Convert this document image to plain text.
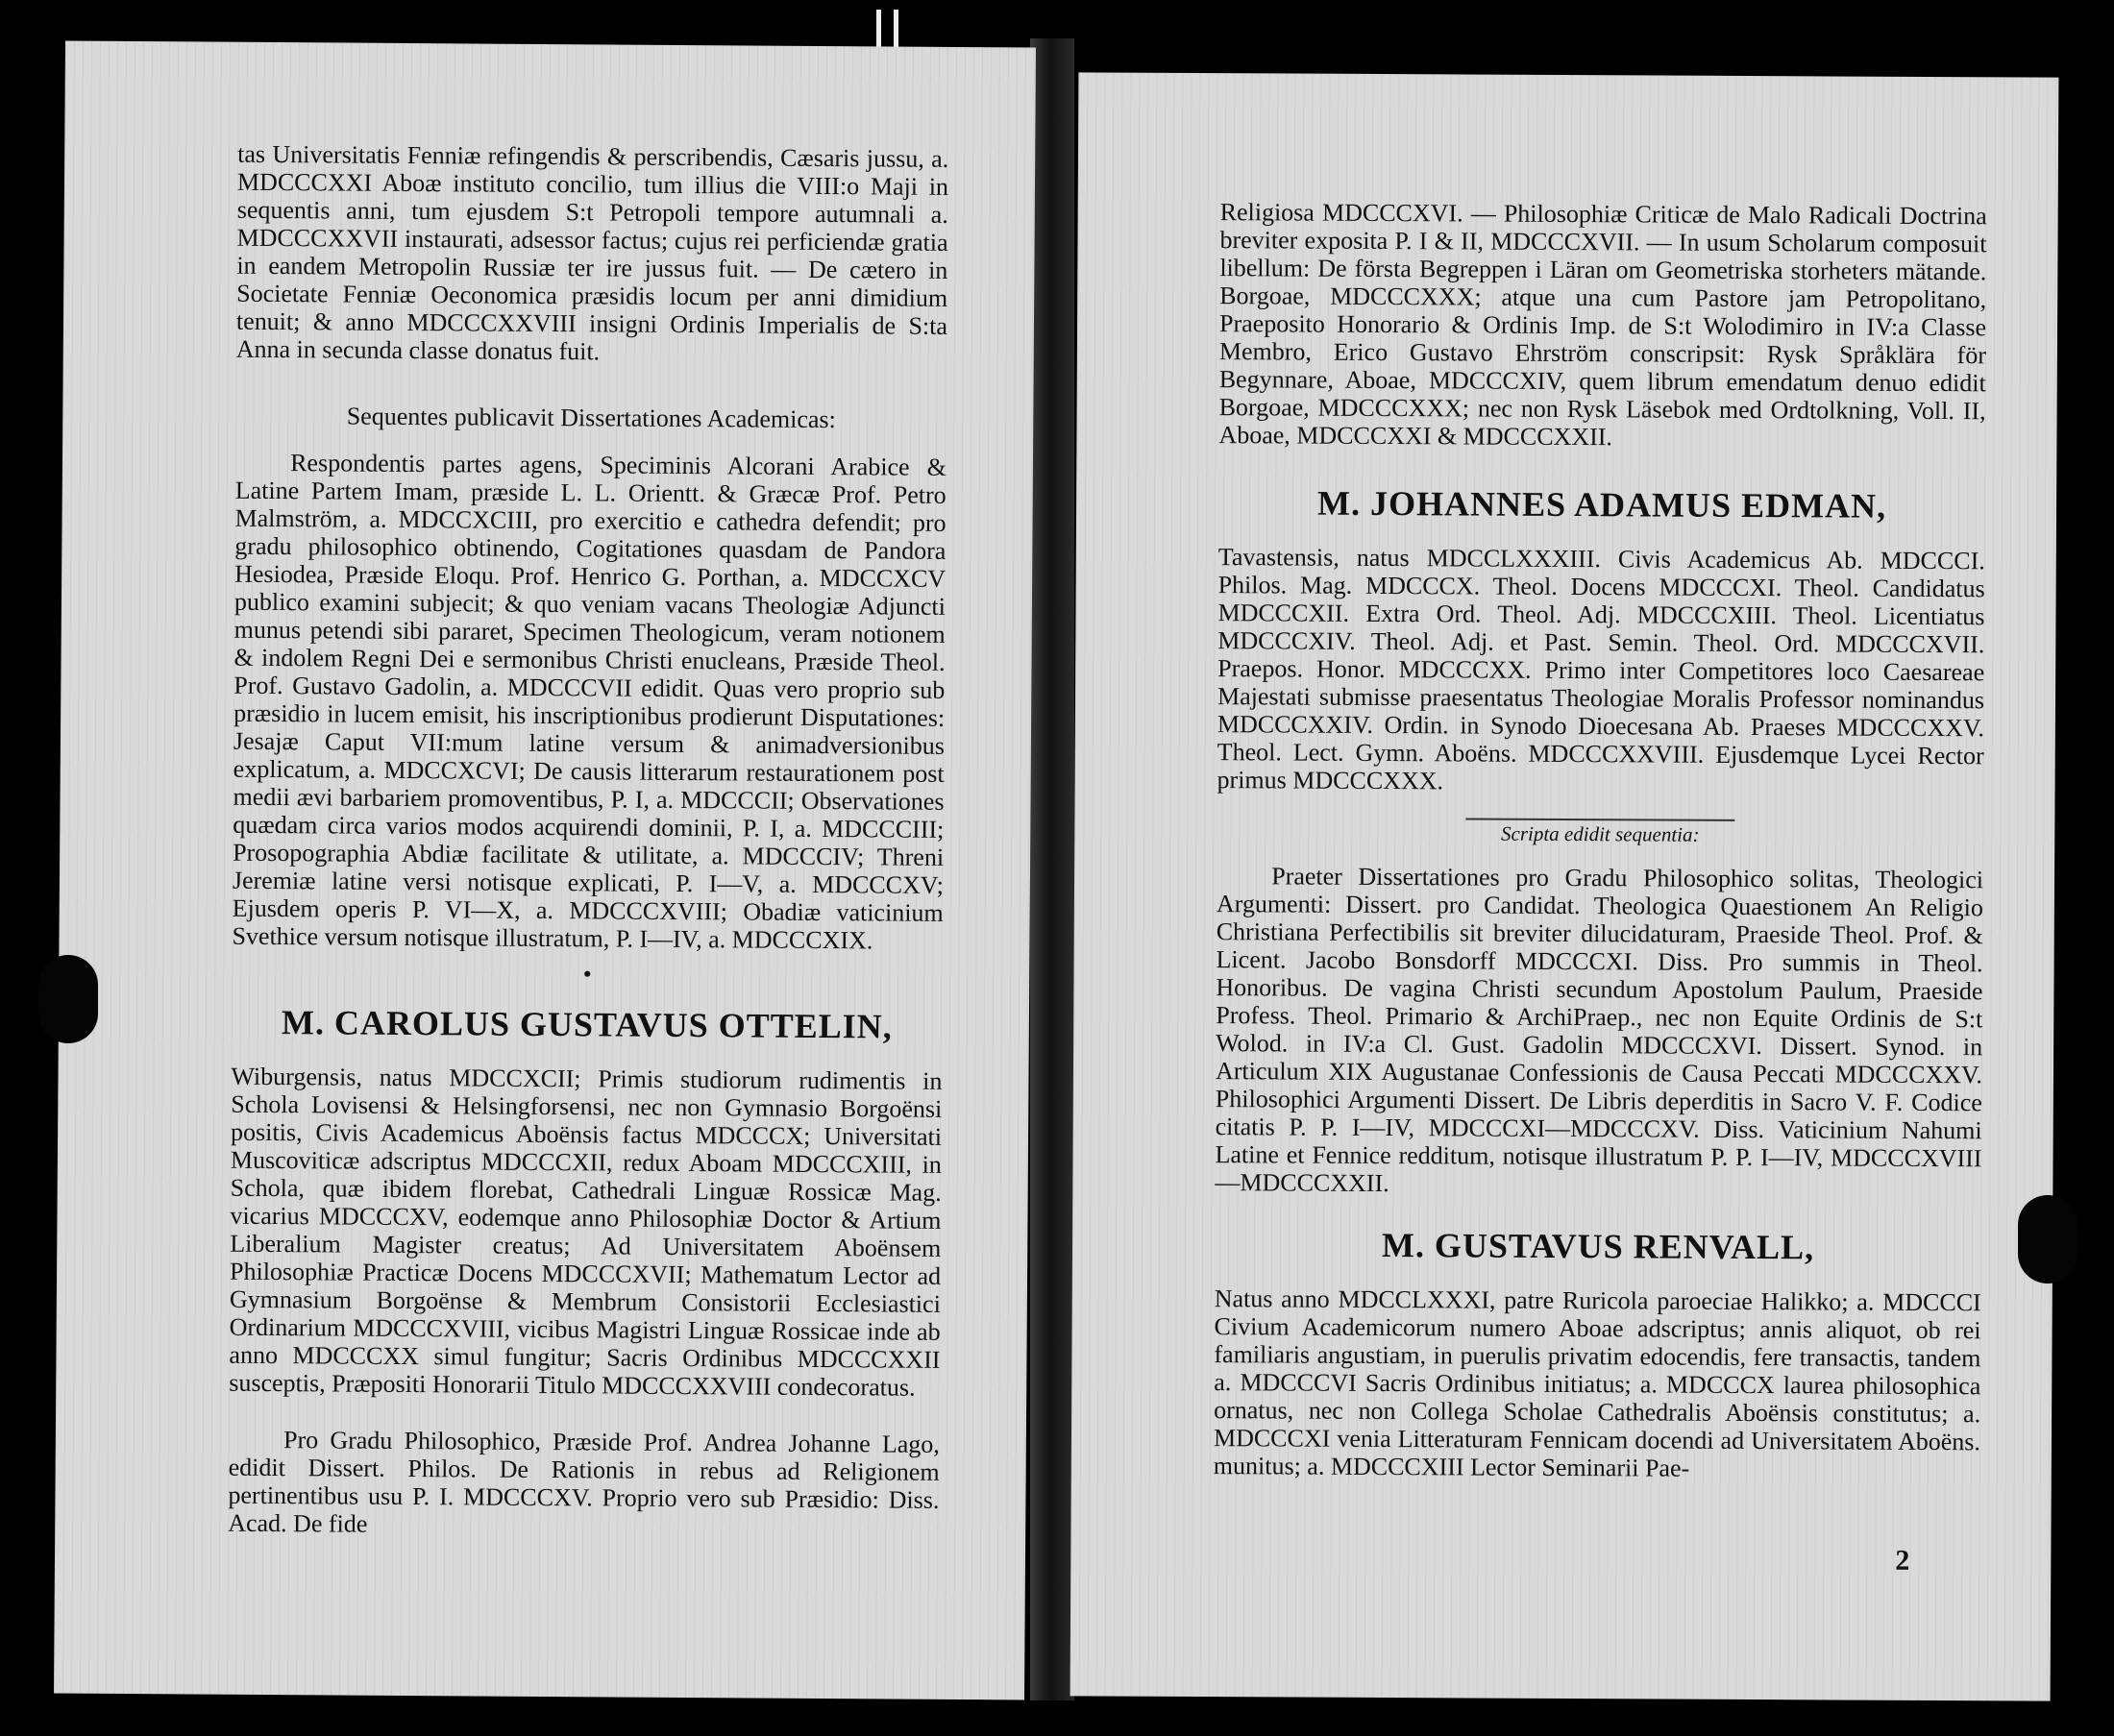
tas Universitatis Fenniæ refingendis & perscribendis, Cæsaris jussu, a. MDCCCXXI Aboæ instituto concilio, tum illius die VIII:o Maji in sequentis anni, tum ejusdem S:t Petropoli tempore autumnali a. MDCCCXXVII instaurati, adsessor factus; cujus rei perficiendæ gratia in eandem Metropolin Russiæ ter ire jussus fuit. — De cætero in Societate Fenniæ Oeconomica præsidis locum per anni dimidium tenuit; & anno MDCCCXXVIII insigni Ordinis Imperialis de S:ta Anna in secunda classe donatus fuit.

Sequentes publicavit Dissertationes Academicas:

Respondentis partes agens, Speciminis Alcorani Arabice & Latine Partem Imam, præside L. L. Orientt. & Græcæ Prof. Petro Malmström, a. MDCCXCIII, pro exercitio e cathedra defendit; pro gradu philosophico obtinendo, Cogitationes quasdam de Pandora Hesiodea, Præside Eloqu. Prof. Henrico G. Porthan, a. MDCCXCV publico examini subjecit; & quo veniam vacans Theologiæ Adjuncti munus petendi sibi pararet, Specimen Theologicum, veram notionem & indolem Regni Dei e sermonibus Christi enucleans, Præside Theol. Prof. Gustavo Gadolin, a. MDCCCVII edidit. Quas vero proprio sub præsidio in lucem emisit, his inscriptionibus prodierunt Disputationes: Jesajæ Caput VII:mum latine versum & animadversionibus explicatum, a. MDCCXCVI; De causis litterarum restaurationem post medii ævi barbariem promoventibus, P. I, a. MDCCCII; Observationes quædam circa varios modos acquirendi dominii, P. I, a. MDCCCIII; Prosopographia Abdiæ facilitate & utilitate, a. MDCCCIV; Threni Jeremiæ latine versi notisque explicati, P. I—V, a. MDCCCXV; Ejusdem operis P. VI—X, a. MDCCCXVIII; Obadiæ vaticinium Svethice versum notisque illustratum, P. I—IV, a. MDCCCXIX.

•

M. CAROLUS GUSTAVUS OTTELIN,

Wiburgensis, natus MDCCXCII; Primis studiorum rudimentis in Schola Lovisensi & Helsingforsensi, nec non Gymnasio Borgoënsi positis, Civis Academicus Aboënsis factus MDCCCX; Universitati Muscoviticæ adscriptus MDCCCXII, redux Aboam MDCCCXIII, in Schola, quæ ibidem florebat, Cathedrali Linguæ Rossicæ Mag. vicarius MDCCCXV, eodemque anno Philosophiæ Doctor & Artium Liberalium Magister creatus; Ad Universitatem Aboënsem Philosophiæ Practicæ Docens MDCCCXVII; Mathematum Lector ad Gymnasium Borgoënse & Membrum Consistorii Ecclesiastici Ordinarium MDCCCXVIII, vicibus Magistri Linguæ Rossicae inde ab anno MDCCCXX simul fungitur; Sacris Ordinibus MDCCCXXII susceptis, Præpositi Honorarii Titulo MDCCCXXVIII condecoratus.

Pro Gradu Philosophico, Præside Prof. Andrea Johanne Lago, edidit Dissert. Philos. De Rationis in rebus ad Religionem pertinentibus usu P. I. MDCCCXV. Proprio vero sub Præsidio: Diss. Acad. De fide

Religiosa MDCCCXVI. — Philosophiæ Criticæ de Malo Radicali Doctrina breviter exposita P. I & II, MDCCCXVII. — In usum Scholarum composuit libellum: De första Begreppen i Läran om Geometriska storheters mätande. Borgoae, MDCCCXXX; atque una cum Pastore jam Petropolitano, Praeposito Honorario & Ordinis Imp. de S:t Wolodimiro in IV:a Classe Membro, Erico Gustavo Ehrström conscripsit: Rysk Språklära för Begynnare, Aboae, MDCCCXIV, quem librum emendatum denuo edidit Borgoae, MDCCCXXX; nec non Rysk Läsebok med Ordtolkning, Voll. II, Aboae, MDCCCXXI & MDCCCXXII.

M. JOHANNES ADAMUS EDMAN,

Tavastensis, natus MDCCLXXXIII. Civis Academicus Ab. MDCCCI. Philos. Mag. MDCCCX. Theol. Docens MDCCCXI. Theol. Candidatus MDCCCXII. Extra Ord. Theol. Adj. MDCCCXIII. Theol. Licentiatus MDCCCXIV. Theol. Adj. et Past. Semin. Theol. Ord. MDCCCXVII. Praepos. Honor. MDCCCXX. Primo inter Competitores loco Caesareae Majestati submisse praesentatus Theologiae Moralis Professor nominandus MDCCCXXIV. Ordin. in Synodo Dioecesana Ab. Praeses MDCCCXXV. Theol. Lect. Gymn. Aboëns. MDCCCXXVIII. Ejusdemque Lycei Rector primus MDCCCXXX.

Scripta edidit sequentia:

Praeter Dissertationes pro Gradu Philosophico solitas, Theologici Argumenti: Dissert. pro Candidat. Theologica Quaestionem An Religio Christiana Perfectibilis sit breviter dilucidaturam, Praeside Theol. Prof. & Licent. Jacobo Bonsdorff MDCCCXI. Diss. Pro summis in Theol. Honoribus. De vagina Christi secundum Apostolum Paulum, Praeside Profess. Theol. Primario & ArchiPraep., nec non Equite Ordinis de S:t Wolod. in IV:a Cl. Gust. Gadolin MDCCCXVI. Dissert. Synod. in Articulum XIX Augustanae Confessionis de Causa Peccati MDCCCXXV. Philosophici Argumenti Dissert. De Libris deperditis in Sacro V. F. Codice citatis P. P. I—IV, MDCCCXI—MDCCCXV. Diss. Vaticinium Nahumi Latine et Fennice redditum, notisque illustratum P. P. I—IV, MDCCCXVIII—MDCCCXXII.

M. GUSTAVUS RENVALL,

Natus anno MDCCLXXXI, patre Ruricola paroeciae Halikko; a. MDCCCI Civium Academicorum numero Aboae adscriptus; annis aliquot, ob rei familiaris angustiam, in puerulis privatim edocendis, fere transactis, tandem a. MDCCCVI Sacris Ordinibus initiatus; a. MDCCCX laurea philosophica ornatus, nec non Collega Scholae Cathedralis Aboënsis constitutus; a. MDCCCXI venia Litteraturam Fennicam docendi ad Universitatem Aboëns. munitus; a. MDCCCXIII Lector Seminarii Pae-

2
